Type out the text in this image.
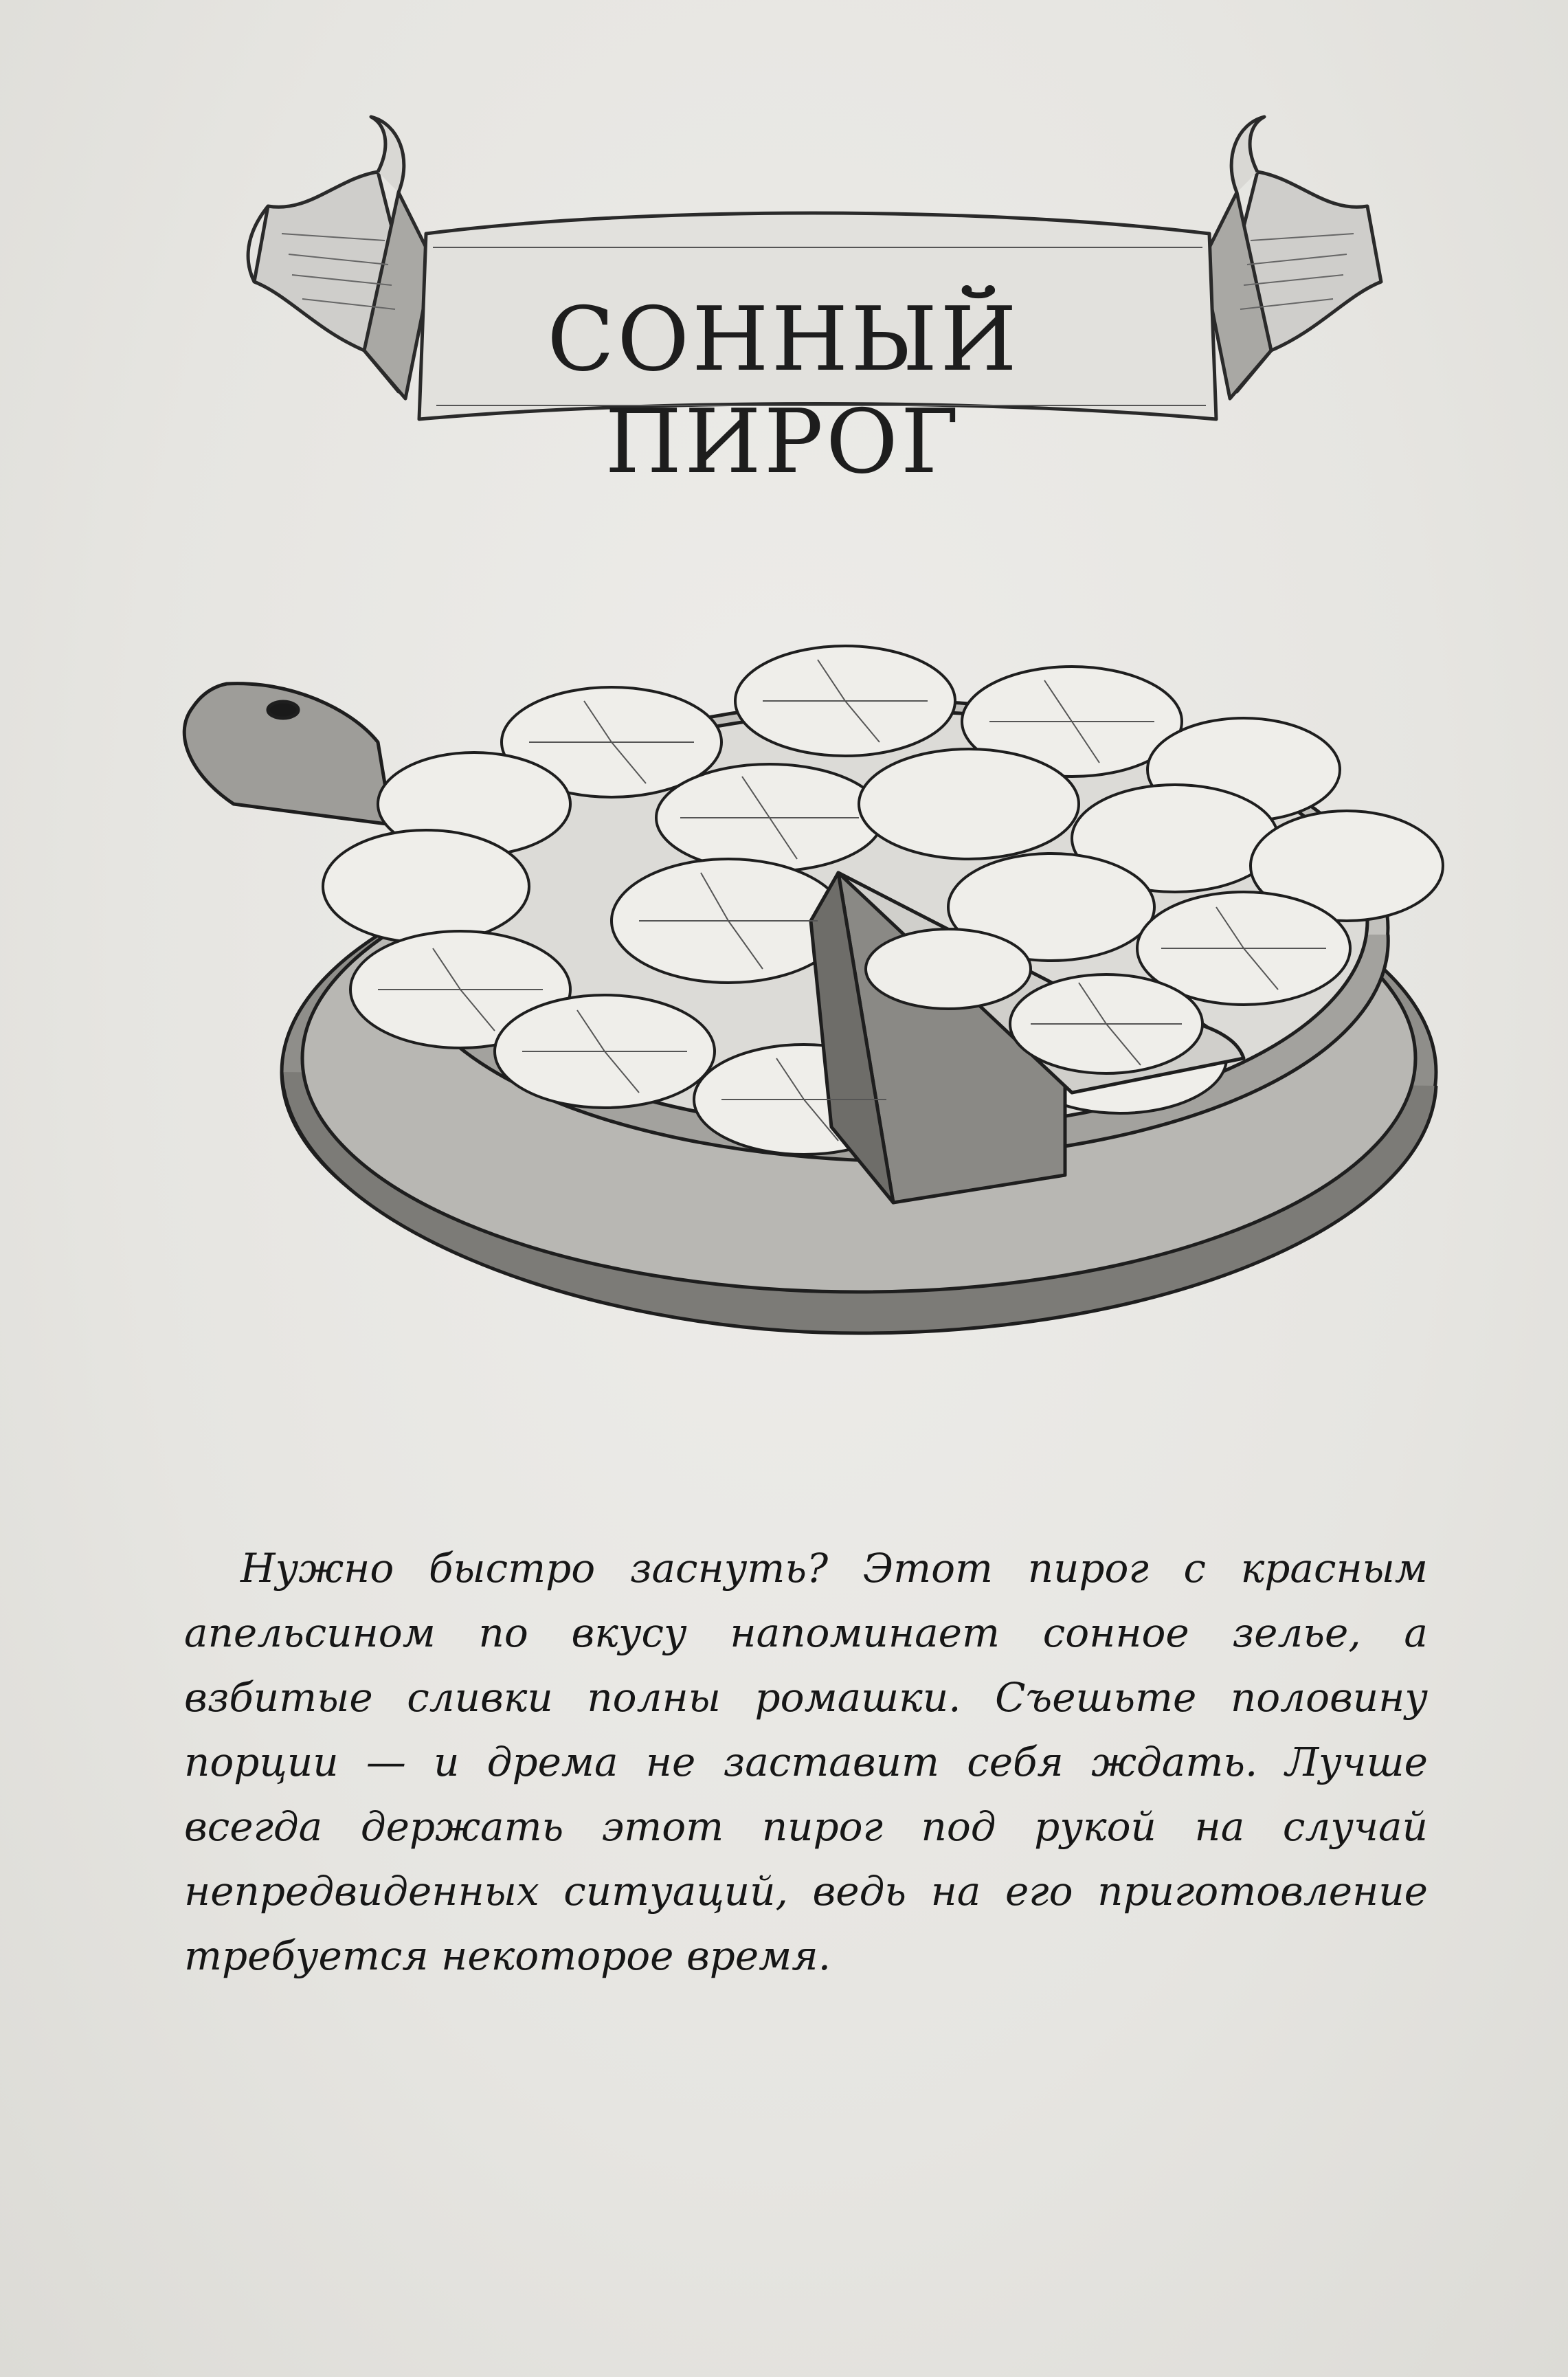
СОННЫЙ ПИРОГ

Нужно быстро заснуть? Этот пирог с красным апельсином по вкусу напоминает сонное зелье, а взбитые сливки полны ромашки. Съешьте половину порции — и дрема не заставит себя ждать. Лучше всегда держать этот пирог под рукой на случай непредвиденных ситуаций, ведь на его приготовление требуется некоторое время.
